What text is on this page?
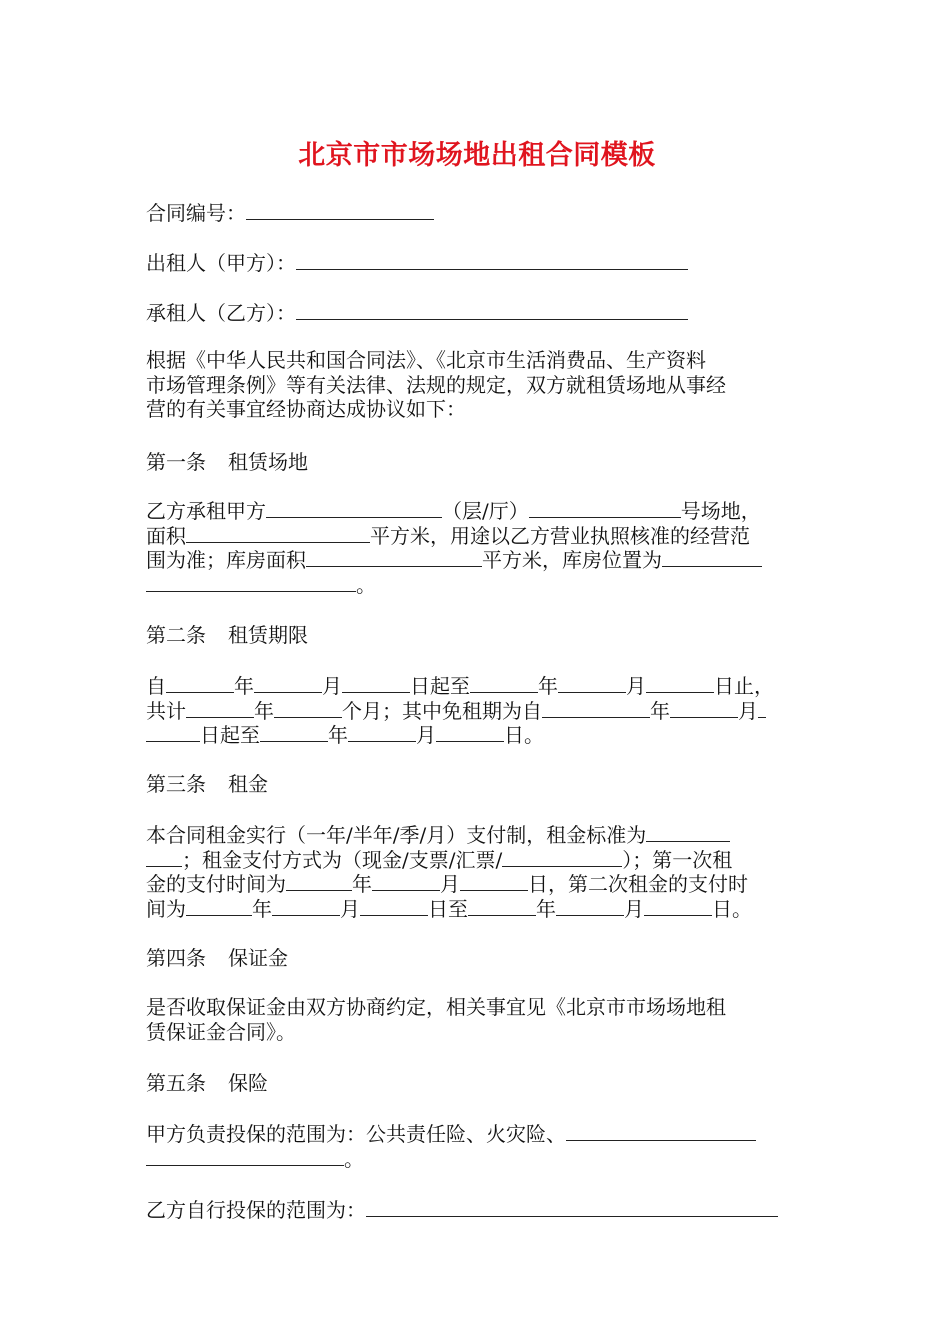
北京市市场场地出租合同模板
合同编号：
出租人（甲方）：
承租人（乙方）：
根据《中华人民共和国合同法》、《北京市生活消费品、生产资料
市场管理条例》等有关法律、法规的规定，双方就租赁场地从事经
营的有关事宜经协商达成协议如下：
第一条 租赁场地
乙方承租甲方	（层/厅）	号场地，
面积	平方米，用途以乙方营业执照核准的经营范
围为准；库房面积	平方米，库房位置为
。
第二条 租赁期限
自	年	月	日起至	年	月	日止，
共计	年	个月；其中免租期为自	年	月
日起至	年	月	日。
第三条 租金
本合同租金实行（一年/半年/季/月）支付制，租金标准为
；租金支付方式为（现金/支票/汇票/	）；第一次租
金的支付时间为	年	月	日，第二次租金的支付时
间为	年	月	日至	年	月	日。
第四条 保证金
是否收取保证金由双方协商约定，相关事宜见《北京市市场场地租
赁保证金合同》。
第五条 保险
甲方负责投保的范围为：公共责任险、火灾险、
。
乙方自行投保的范围为：
